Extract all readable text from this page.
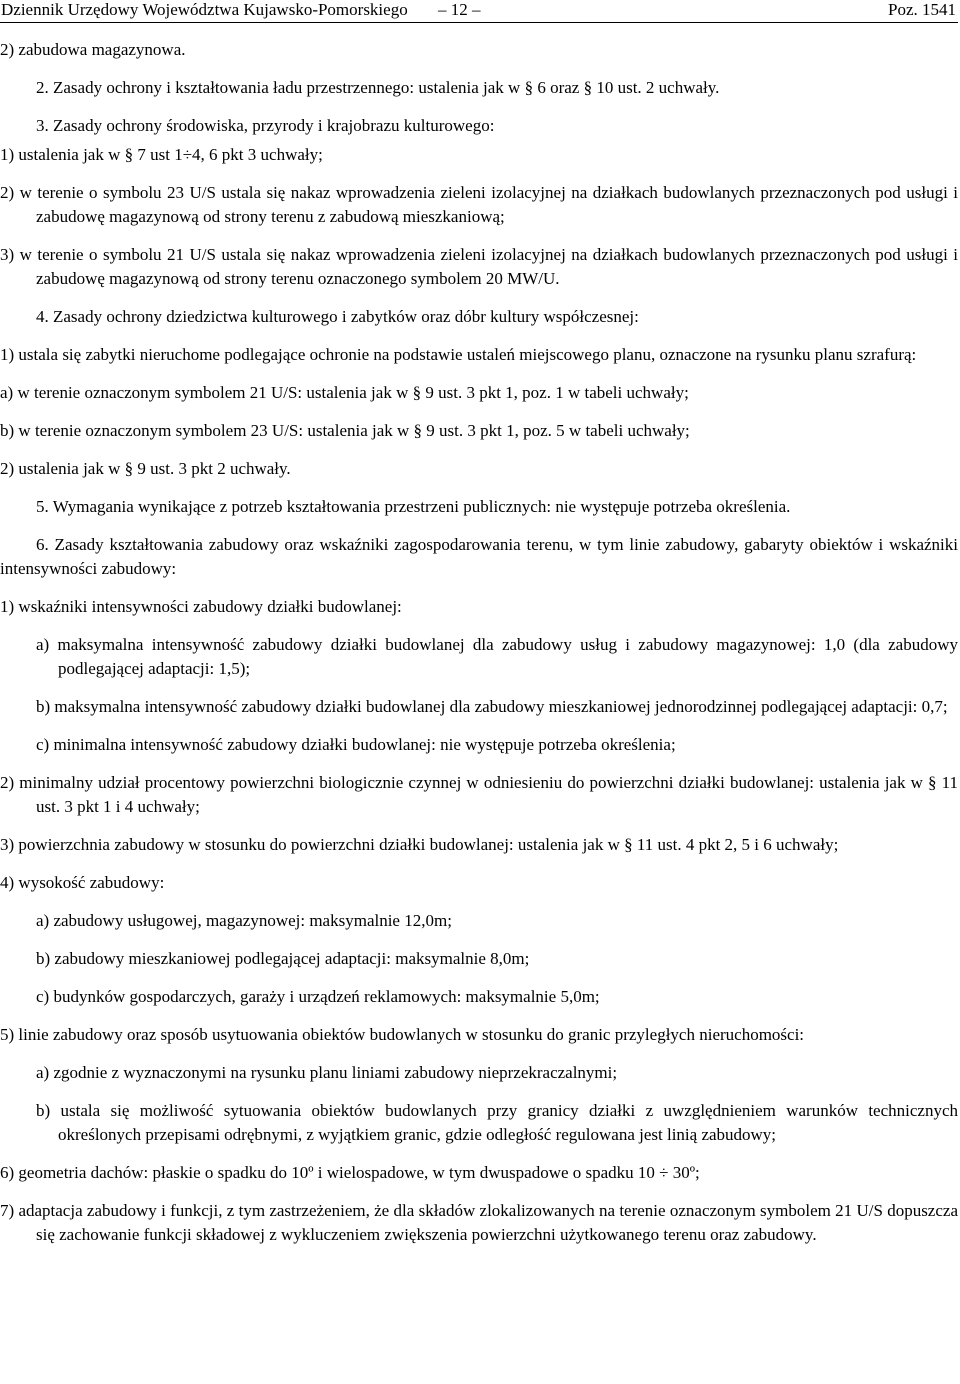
Dziennik Urzędowy Województwa Kujawsko-Pomorskiego – 12 –	Poz. 1541

2) zabudowa magazynowa.

2. Zasady ochrony i kształtowania ładu przestrzennego: ustalenia jak w § 6 oraz § 10 ust. 2 uchwały.

3. Zasady ochrony środowiska, przyrody i krajobrazu kulturowego:

1) ustalenia jak w § 7 ust 1÷4, 6 pkt 3 uchwały;

2) w terenie o symbolu 23 U/S ustala się nakaz wprowadzenia zieleni izolacyjnej na działkach budowlanych przeznaczonych pod usługi i zabudowę magazynową od strony terenu z zabudową mieszkaniową;

3) w terenie o symbolu 21 U/S ustala się nakaz wprowadzenia zieleni izolacyjnej na działkach budowlanych przeznaczonych pod usługi i zabudowę magazynową od strony terenu oznaczonego symbolem 20 MW/U.

4. Zasady ochrony dziedzictwa kulturowego i zabytków oraz dóbr kultury współczesnej:

1) ustala się zabytki nieruchome podlegające ochronie na podstawie ustaleń miejscowego planu, oznaczone na rysunku planu szrafurą:

a) w terenie oznaczonym symbolem 21 U/S: ustalenia jak w § 9 ust. 3 pkt 1, poz. 1 w tabeli uchwały;

b) w terenie oznaczonym symbolem 23 U/S: ustalenia jak w § 9 ust. 3 pkt 1, poz. 5 w tabeli uchwały;

2) ustalenia jak w § 9 ust. 3 pkt 2 uchwały.

5. Wymagania wynikające z potrzeb kształtowania przestrzeni publicznych: nie występuje potrzeba określenia.

6. Zasady kształtowania zabudowy oraz wskaźniki zagospodarowania terenu, w tym linie zabudowy, gabaryty obiektów i wskaźniki intensywności zabudowy:

1) wskaźniki intensywności zabudowy działki budowlanej:

a) maksymalna intensywność zabudowy działki budowlanej dla zabudowy usług i zabudowy magazynowej: 1,0 (dla zabudowy podlegającej adaptacji: 1,5);

b) maksymalna intensywność zabudowy działki budowlanej dla zabudowy mieszkaniowej jednorodzinnej podlegającej adaptacji: 0,7;

c) minimalna intensywność zabudowy działki budowlanej: nie występuje potrzeba określenia;

2) minimalny udział procentowy powierzchni biologicznie czynnej w odniesieniu do powierzchni działki budowlanej: ustalenia jak w § 11 ust. 3 pkt 1 i 4 uchwały;

3) powierzchnia zabudowy w stosunku do powierzchni działki budowlanej: ustalenia jak w § 11 ust. 4 pkt 2, 5 i 6 uchwały;

4) wysokość zabudowy:

a) zabudowy usługowej, magazynowej: maksymalnie 12,0m;

b) zabudowy mieszkaniowej podlegającej adaptacji: maksymalnie 8,0m;

c) budynków gospodarczych, garaży i urządzeń reklamowych: maksymalnie 5,0m;

5) linie zabudowy oraz sposób usytuowania obiektów budowlanych w stosunku do granic przyległych nieruchomości:

a) zgodnie z wyznaczonymi na rysunku planu liniami zabudowy nieprzekraczalnymi;

b) ustala się możliwość sytuowania obiektów budowlanych przy granicy działki z uwzględnieniem warunków technicznych określonych przepisami odrębnymi, z wyjątkiem granic, gdzie odległość regulowana jest linią zabudowy;

6) geometria dachów: płaskie o spadku do 10º i wielospadowe, w tym dwuspadowe o spadku 10 ÷ 30º;

7) adaptacja zabudowy i funkcji, z tym zastrzeżeniem, że dla składów zlokalizowanych na terenie oznaczonym symbolem 21 U/S dopuszcza się zachowanie funkcji składowej z wykluczeniem zwiększenia powierzchni użytkowanego terenu oraz zabudowy.
